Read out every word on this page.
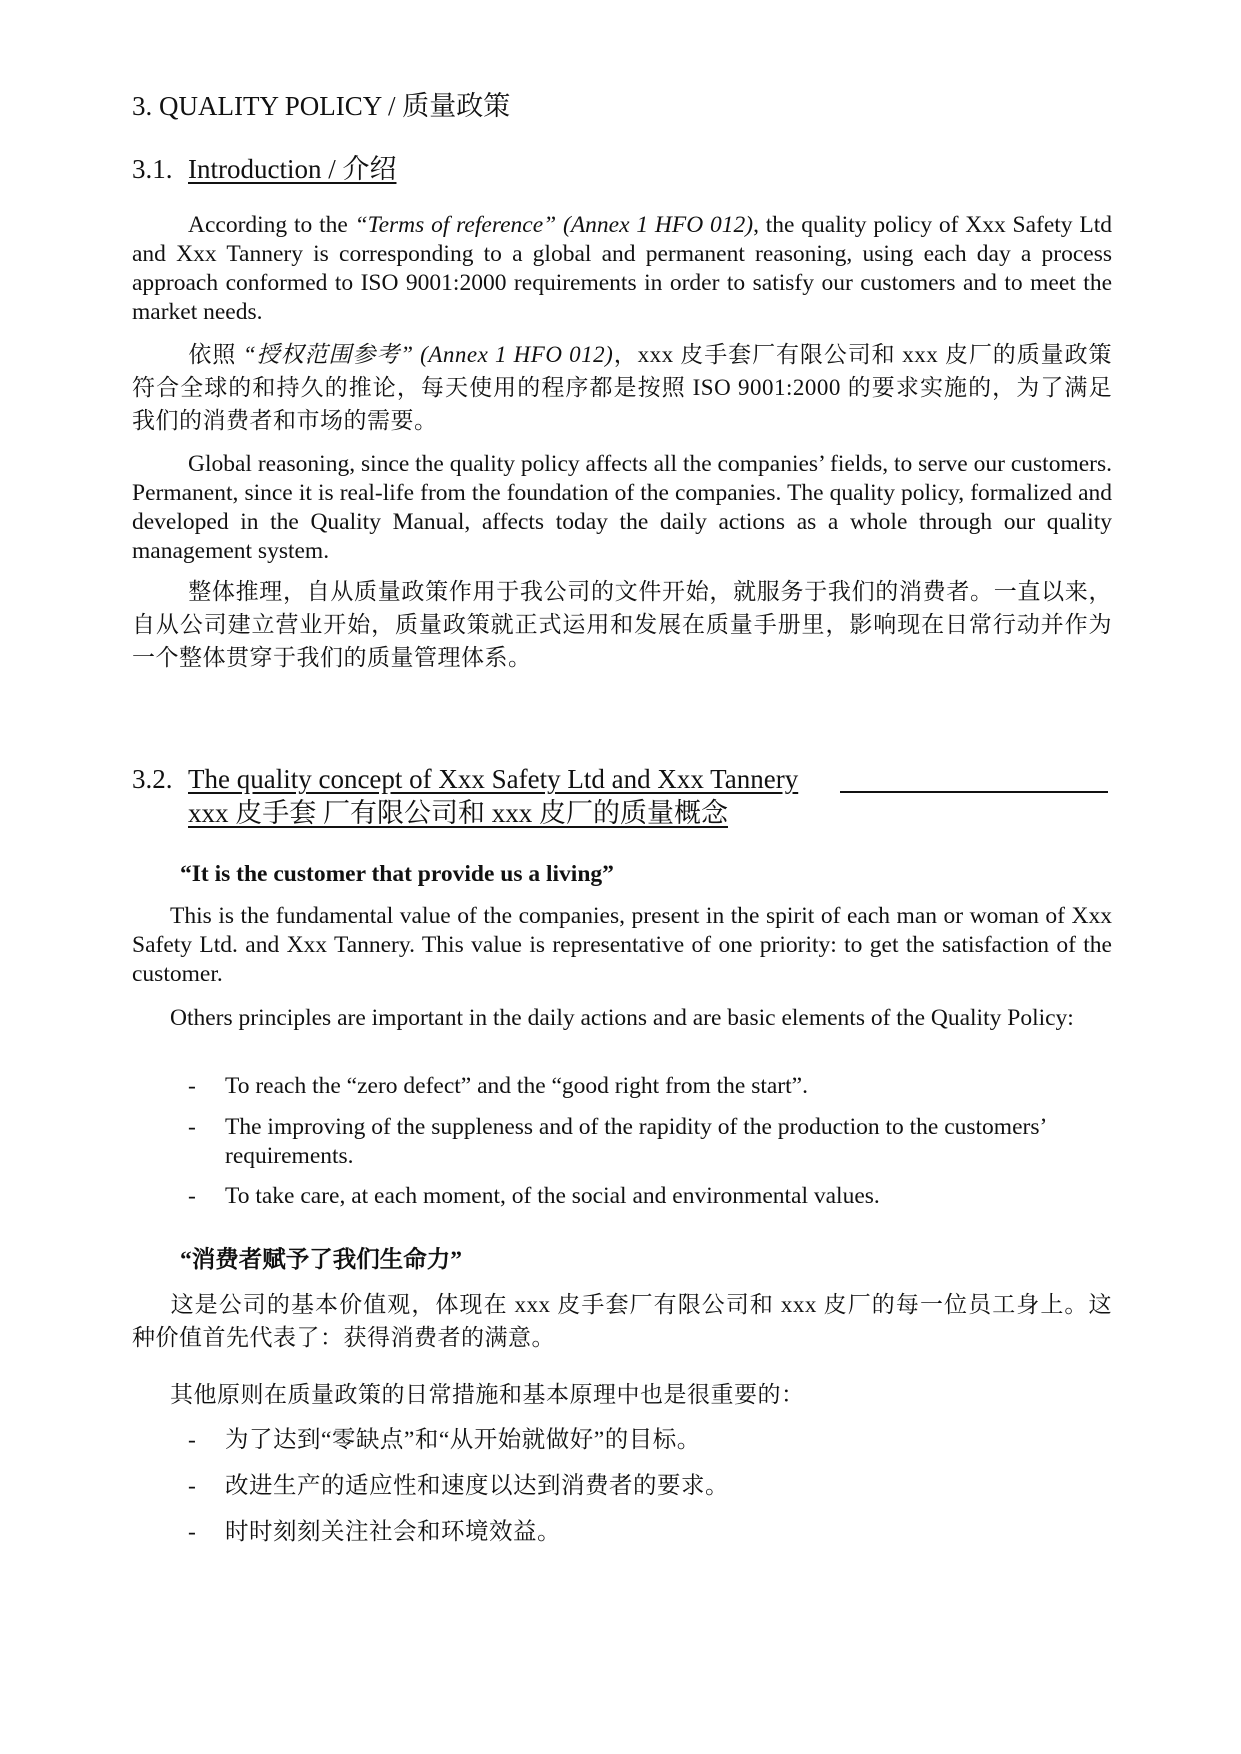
3. QUALITY POLICY / 质量政策
3.1. Introduction / 介绍

According to the “Terms of reference” (Annex 1 HFO 012), the quality policy of Xxx Safety Ltd and Xxx Tannery is corresponding to a global and permanent reasoning, using each day a process approach conformed to ISO 9001:2000 requirements in order to satisfy our customers and to meet the market needs.

依照 “授权范围参考” (Annex 1 HFO 012)，xxx 皮手套厂有限公司和 xxx 皮厂的质量政策符合全球的和持久的推论，每天使用的程序都是按照 ISO 9001:2000 的要求实施的，为了满足我们的消费者和市场的需要。

Global reasoning, since the quality policy affects all the companies’ fields, to serve our customers. Permanent, since it is real-life from the foundation of the companies. The quality policy, formalized and developed in the Quality Manual, affects today the daily actions as a whole through our quality management system.

整体推理，自从质量政策作用于我公司的文件开始，就服务于我们的消费者。一直以来，自从公司建立营业开始，质量政策就正式运用和发展在质量手册里，影响现在日常行动并作为一个整体贯穿于我们的质量管理体系。

3.2. The quality concept of Xxx Safety Ltd and Xxx Tannery
xxx 皮手套 厂有限公司和 xxx 皮厂的质量概念

“It is the customer that provide us a living”

This is the fundamental value of the companies, present in the spirit of each man or woman of Xxx Safety Ltd. and Xxx Tannery. This value is representative of one priority: to get the satisfaction of the customer.

Others principles are important in the daily actions and are basic elements of the Quality Policy:

- To reach the “zero defect” and the “good right from the start”.
- The improving of the suppleness and of the rapidity of the production to the customers’ requirements.
- To take care, at each moment, of the social and environmental values.

“消费者赋予了我们生命力”

这是公司的基本价值观，体现在 xxx 皮手套厂有限公司和 xxx 皮厂的每一位员工身上。这种价值首先代表了：获得消费者的满意。

其他原则在质量政策的日常措施和基本原理中也是很重要的：

- 为了达到“零缺点”和“从开始就做好”的目标。
- 改进生产的适应性和速度以达到消费者的要求。
- 时时刻刻关注社会和环境效益。
